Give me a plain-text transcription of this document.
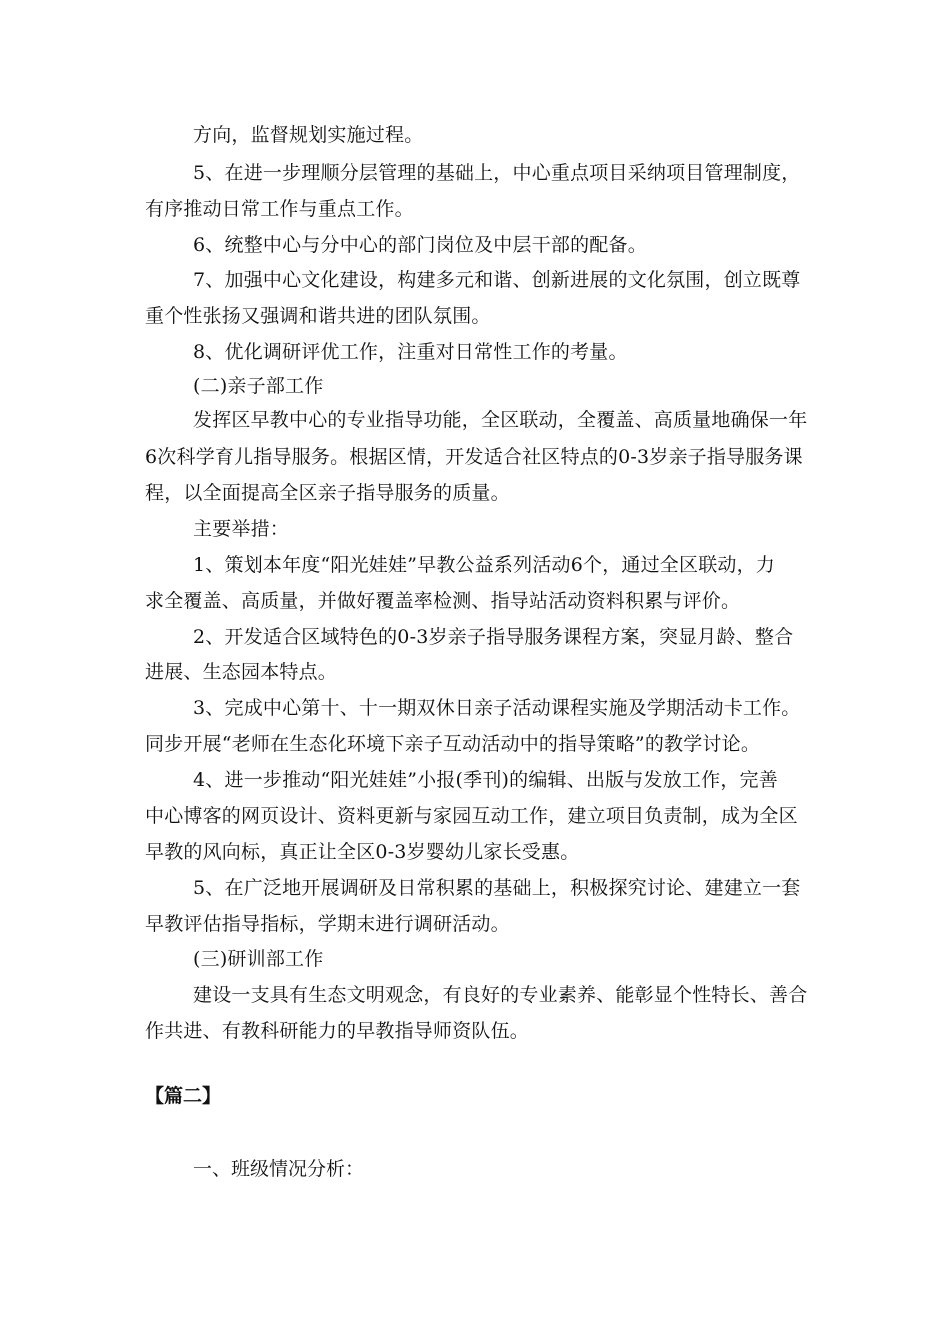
方向，监督规划实施过程。
5、在进一步理顺分层管理的基础上，中心重点项目采纳项目管理制度，
有序推动日常工作与重点工作。
6、统整中心与分中心的部门岗位及中层干部的配备。
7、加强中心文化建设，构建多元和谐、创新进展的文化氛围，创立既尊
重个性张扬又强调和谐共进的团队氛围。
8、优化调研评优工作，注重对日常性工作的考量。
(二)亲子部工作
发挥区早教中心的专业指导功能，全区联动，全覆盖、高质量地确保一年
6次科学育儿指导服务。根据区情，开发适合社区特点的0-3岁亲子指导服务课
程，以全面提高全区亲子指导服务的质量。
主要举措：
1、策划本年度“阳光娃娃”早教公益系列活动6个，通过全区联动，力
求全覆盖、高质量，并做好覆盖率检测、指导站活动资料积累与评价。
2、开发适合区域特色的0-3岁亲子指导服务课程方案，突显月龄、整合
进展、生态园本特点。
3、完成中心第十、十一期双休日亲子活动课程实施及学期活动卡工作。
同步开展“老师在生态化环境下亲子互动活动中的指导策略”的教学讨论。
4、进一步推动“阳光娃娃”小报(季刊)的编辑、出版与发放工作，完善
中心博客的网页设计、资料更新与家园互动工作，建立项目负责制，成为全区
早教的风向标，真正让全区0-3岁婴幼儿家长受惠。
5、在广泛地开展调研及日常积累的基础上，积极探究讨论、建建立一套
早教评估指导指标，学期末进行调研活动。
(三)研训部工作
建设一支具有生态文明观念，有良好的专业素养、能彰显个性特长、善合
作共进、有教科研能力的早教指导师资队伍。
【篇二】
一、班级情况分析：
